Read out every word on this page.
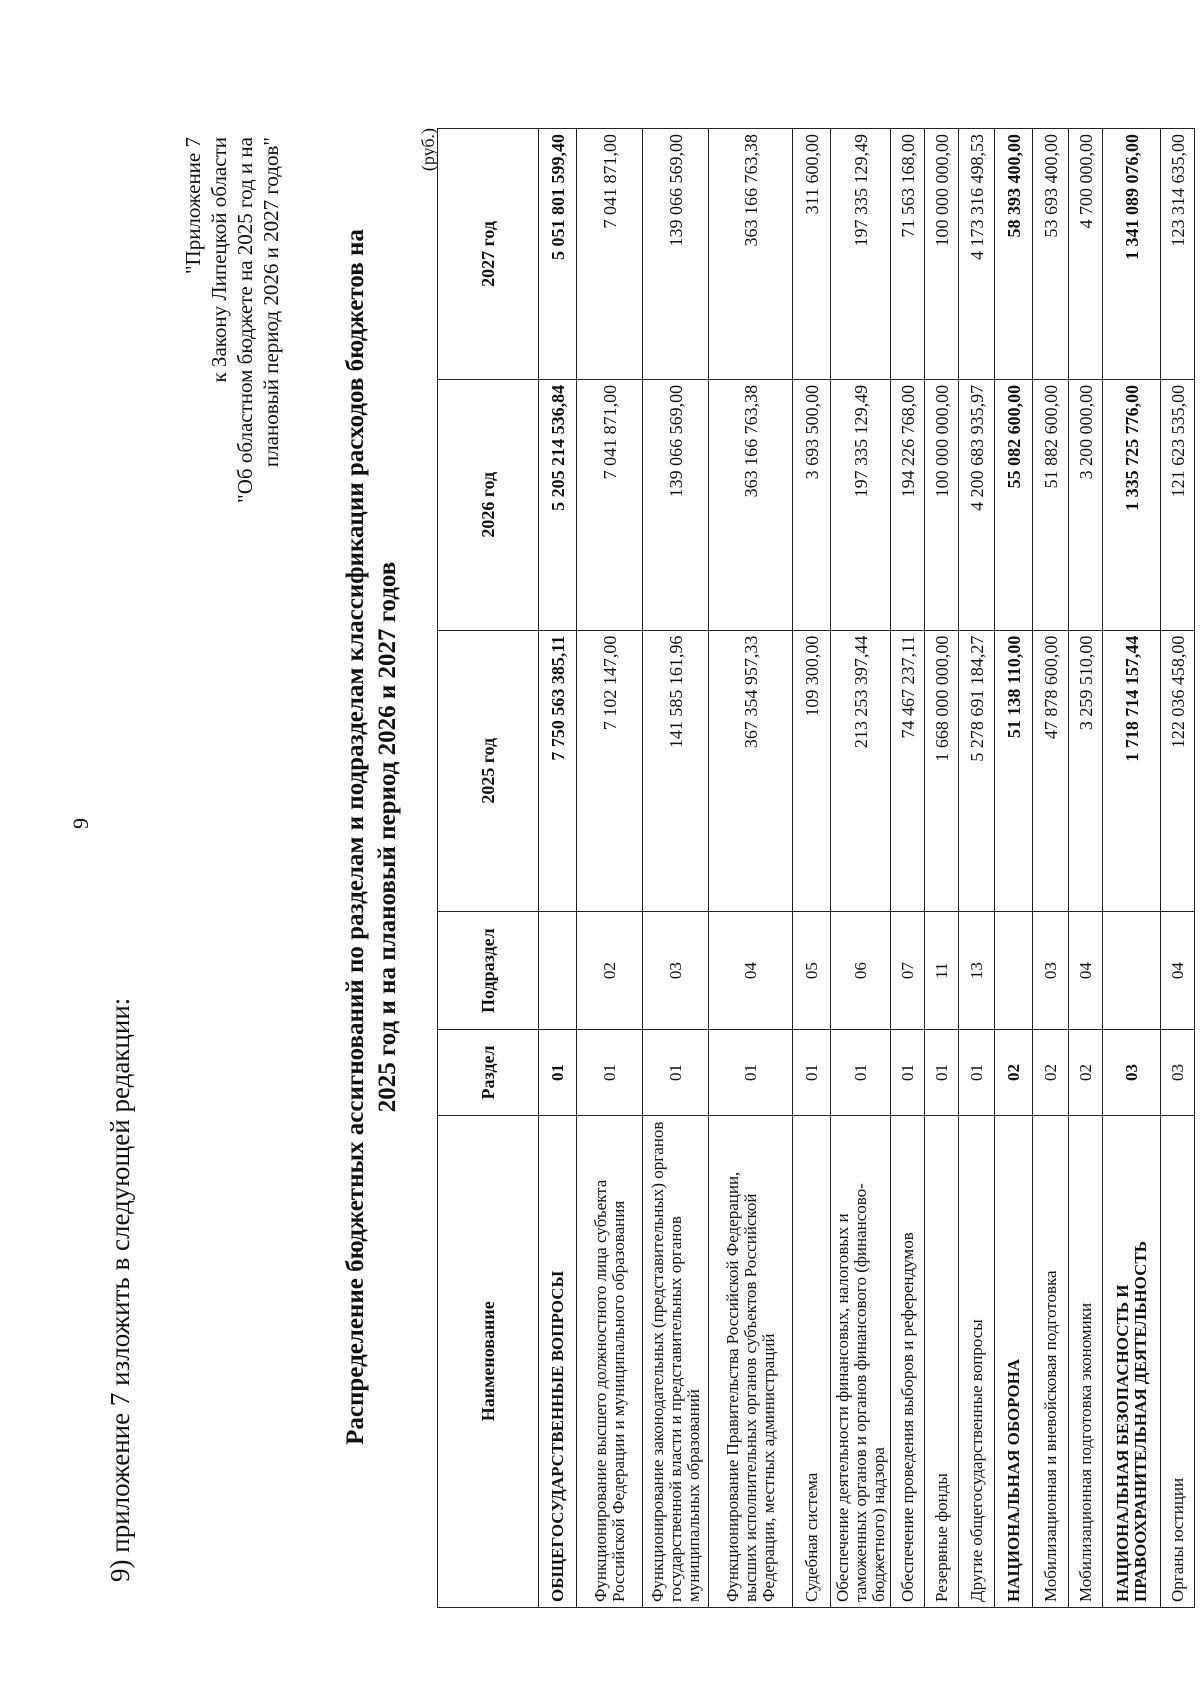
9
9) приложение 7 изложить в следующей редакции:
"Приложение 7 к Закону Липецкой области "Об областном бюджете на 2025 год и на плановый период 2026 и 2027 годов" Распределение бюджетных ассигнований по разделам и подразделам классификации расходов бюджетов на 2025 год и на плановый период 2026 и 2027 годов
(руб.)
Наименование	Раздел	Подраздел	2025 год	2026 год	2027 год
ОБЩЕГОСУДАРСТВЕННЫЕ ВОПРОСЫ	01		7 750 563 385,11	5 205 214 536,84	5 051 801 599,40
Функционирование высшего должностного лица субъекта Российской Федерации и муниципального образования	01	02	7 102 147,00	7 041 871,00	7 041 871,00
Функционирование законодательных (представительных) органов государственной власти и представительных органов муниципальных образований	01	03	141 585 161,96	139 066 569,00	139 066 569,00
Функционирование Правительства Российской Федерации, высших исполнительных органов субъектов Российской Федерации, местных администраций	01	04	367 354 957,33	363 166 763,38	363 166 763,38
Судебная система	01	05	109 300,00	3 693 500,00	311 600,00
Обеспечение деятельности финансовых, налоговых и таможенных органов и органов финансового (финансово-бюджетного) надзора	01	06	213 253 397,44	197 335 129,49	197 335 129,49
Обеспечение проведения выборов и референдумов	01	07	74 467 237,11	194 226 768,00	71 563 168,00
Резервные фонды	01	11	1 668 000 000,00	100 000 000,00	100 000 000,00
Другие общегосударственные вопросы	01	13	5 278 691 184,27	4 200 683 935,97	4 173 316 498,53
НАЦИОНАЛЬНАЯ ОБОРОНА	02		51 138 110,00	55 082 600,00	58 393 400,00
Мобилизационная и вневойсковая подготовка	02	03	47 878 600,00	51 882 600,00	53 693 400,00
Мобилизационная подготовка экономики	02	04	3 259 510,00	3 200 000,00	4 700 000,00
НАЦИОНАЛЬНАЯ БЕЗОПАСНОСТЬ И ПРАВООХРАНИТЕЛЬНАЯ ДЕЯТЕЛЬНОСТЬ	03		1 718 714 157,44	1 335 725 776,00	1 341 089 076,00
Органы юстиции	03	04	122 036 458,00	121 623 535,00	123 314 635,00
